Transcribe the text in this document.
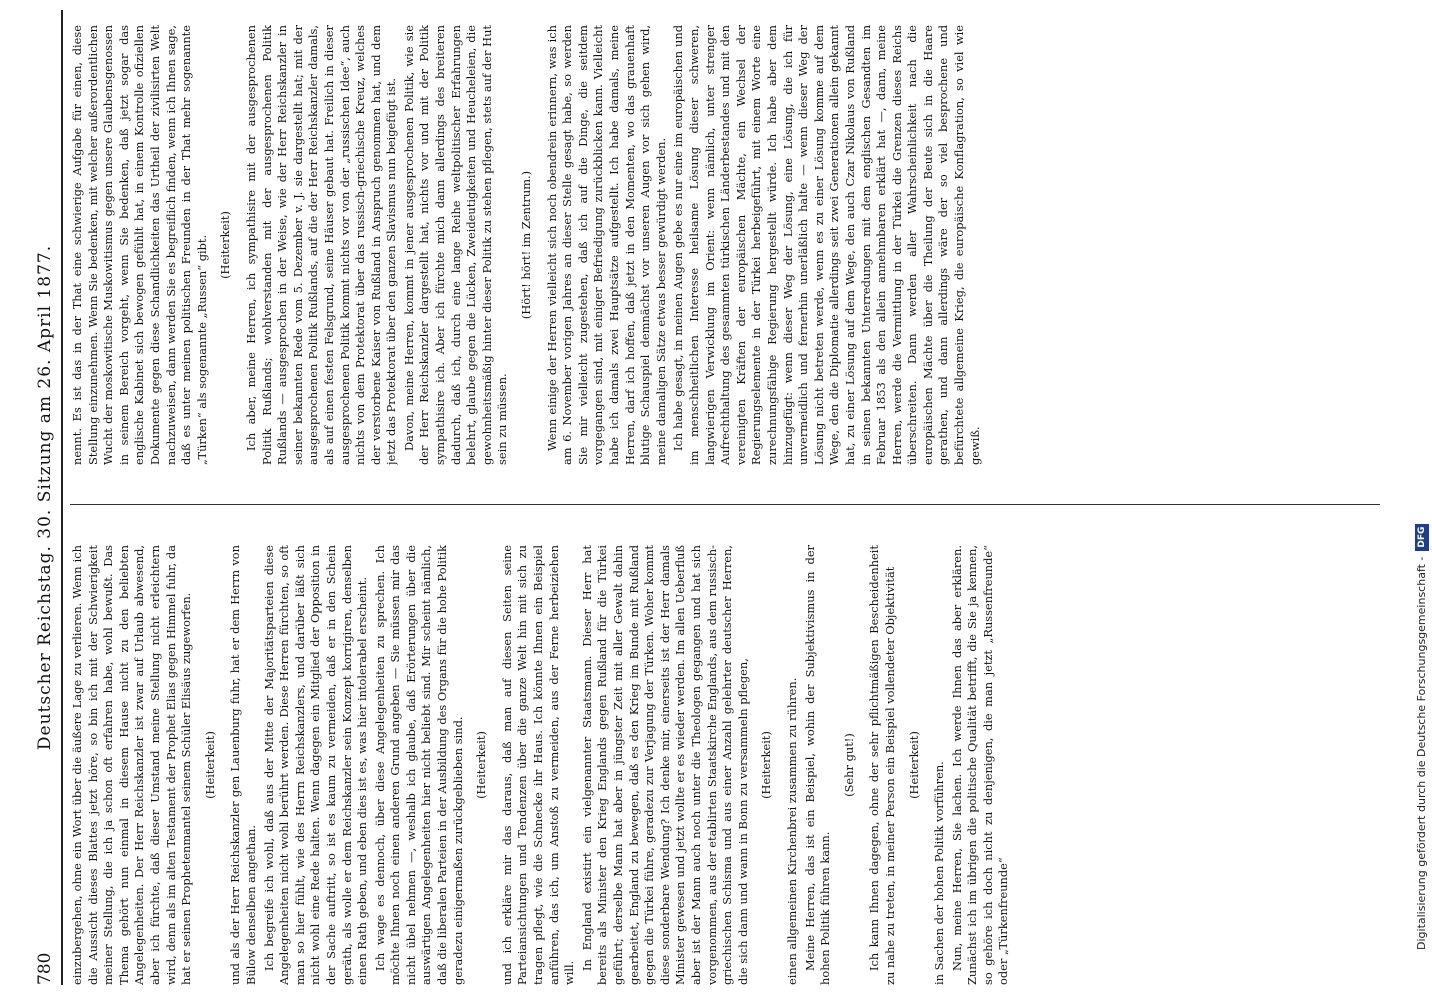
780
Deutscher Reichstag. 30. Sitzung am 26. April 1877.

einzubergehen, ohne ein Wort über die äußere Lage zu verlieren. Wenn ich die Aussicht dieses Blattes jetzt höre, so bin ich mit der Schwierigkeit meiner Stellung, die ich ja schon oft erfahren habe, wohl bewußt. Das Thema gehört nun einmal in diesem Hause nicht zu den beliebten Angelegenheiten. Der Herr Reichskanzler ist zwar auf Urlaub abwesend, aber ich fürchte, daß dieser Umstand meine Stellung nicht erleichtern wird, denn als im alten Testament der Prophet Elias gegen Himmel fuhr, da hat er seinen Prophetenmantel seinem Schüler Elisäus zugeworfen. (Heiterkeit) und als der Herr Reichskanzler gen Lauenburg fuhr, hat er dem Herrn von Bülow denselben angethan. Ich begreife ich wohl, daß aus der Mitte der Majoritätsparteien diese Angelegenheiten nicht wohl berührt werden. Diese Herren fürchten, so oft man so hier fühlt, wie des Herrn Reichskanzlers, und darüber läßt sich nicht wohl eine Rede halten. Wenn dagegen ein Mitglied der Opposition in der Sache auftritt, so ist es kaum zu vermeiden, daß er in den Schein geräth, als wolle er dem Reichskanzler sein Konzept korrigiren, denselben einen Rath geben, und eben dies ist es, was hier intolerabel erscheint. Ich wage es dennoch, über diese Angelegenheiten zu sprechen. Ich möchte Ihnen noch einen anderen Grund angeben — Sie müssen mir das nicht übel nehmen —, weshalb ich glaube, daß Erörterungen über die auswärtigen Angelegenheiten hier nicht beliebt sind. Mir scheint nämlich, daß die liberalen Parteien in der Ausbildung des Organs für die hohe Politik geradezu einigermaßen zurückgeblieben sind. (Heiterkeit) und ich erkläre mir das daraus, daß man auf diesen Seiten seine Parteiansichtungen und Tendenzen über die ganze Welt hin mit sich zu tragen pflegt, wie die Schnecke ihr Haus. Ich könnte Ihnen ein Beispiel anführen, das ich, um Anstoß zu vermeiden, aus der Ferne herbeiziehen will.

In England existirt ein vielgenannter Staatsmann. Dieser Herr hat bereits als Minister den Krieg Englands gegen Rußland für die Türkei geführt; derselbe Mann hat aber in jüngster Zeit mit aller Gewalt dahin gearbeitet, England zu bewegen, daß es den Krieg im Bunde mit Rußland gegen die Türkei führe, geradezu zur Verjagung der Türken. Woher kommt diese sonderbare Wendung? Ich denke mir, einerseits ist der Herr damals Minister gewesen und jetzt wollte er es wieder werden. Im allen Ueberfluß aber ist der Mann auch noch unter die Theologen gegangen und hat sich vorgenommen, aus der etablirten Staatskirche Englands, aus dem russisch-griechischen Schisma und aus einer Anzahl gelehrter deutscher Herren, die sich dann und wann in Bonn zu versammeln pflegen, (Heiterkeit) einen allgemeinen Kirchenbrei zusammen zu rühren. Meine Herren, das ist ein Beispiel, wohin der Subjektivismus in der hohen Politik führen kann.

(Sehr gut!) Ich kann Ihnen dagegen, ohne der sehr pflichtmäßigen Bescheidenheit zu nahe zu treten, in meiner Person ein Beispiel vollendeter Objektivität (Heiterkeit) in Sachen der hohen Politik vorführen. Nun, meine Herren, Sie lachen. Ich werde Ihnen das aber erklären. Zunächst ich im übrigen die politische Qualität betrifft, die Sie ja kennen, so gehöre ich doch nicht zu denjenigen, die man jetzt „Russenfreunde“ oder „Türkenfreunde“

nennt. Es ist das in der That eine schwierige Aufgabe für einen, diese Stellung einzunehmen. Wenn Sie bedenken, mit welcher außerordentlichen Wucht der moskowitische Muskowitismus gegen unsere Glaubensgenossen in seinem Bereich vorgeht, wenn Sie bedenken, daß jetzt sogar das englische Kabinet sich bewogen gefühlt hat, in einem Kontrolle ofiziellen Dokumente gegen diese Schandlichkeiten das Urtheil der zivilisirten Welt nachzuweisen, dann werden Sie es begreiflich finden, wenn ich Ihnen sage, daß es unter meinen politischen Freunden in der That mehr sogenannte „Türken“ als sogenannte „Russen“ gibt. (Heiterkeit) Ich aber, meine Herren, ich sympathisire mit der ausgesprochenen Politik Rußlands; wohlverstanden mit der ausgesprochenen Politik Rußlands — ausgesprochen in der Weise, wie der Herr Reichskanzler in seiner bekannten Rede vom 5. Dezember v. J. sie dargestellt hat; mit der ausgesprochenen Politik Rußlands, auf die der Herr Reichskanzler damals, als auf einen festen Felsgrund, seine Häuser gebaut hat. Freilich in dieser ausgesprochenen Politik kommt nichts vor von der „russischen Idee“, auch nichts von dem Protektorat über das russisch-griechische Kreuz, welches der verstorbene Kaiser von Rußland in Anspruch genommen hat, und dem jetzt das Protektorat über den ganzen Slavismus nun beigefügt ist. Davon, meine Herren, kommt in jener ausgesprochenen Politik, wie sie der Herr Reichskanzler dargestellt hat, nichts vor und mit der Politik sympathisire ich. Aber ich fürchte mich dann allerdings des breiteren dadurch, daß ich, durch eine lange Reihe weltpolitischer Erfahrungen belehrt, glaube gegen die Lücken, Zweideutigkeiten und Heucheleien, die gewohnheitsmäßig hinter dieser Politik zu stehen pflegen, stets auf der Hut sein zu müssen.

(Hört! hört! im Zentrum.) Wenn einige der Herren vielleicht sich noch obendrein erinnern, was ich am 6. November vorigen Jahres an dieser Stelle gesagt habe, so werden Sie mir vielleicht zugestehen, daß ich auf die Dinge, die seitdem vorgegangen sind, mit einiger Befriedigung zurückblicken kann. Vielleicht habe ich damals zwei Hauptsätze aufgestellt. Ich habe damals, meine Herren, darf ich hoffen, daß jetzt in den Momenten, wo das grauenhaft blutige Schauspiel demnächst vor unseren Augen vor sich gehen wird, meine damaligen Sätze etwas besser gewürdigt werden. Ich habe gesagt, in meinen Augen gebe es nur eine im europäischen und im menschheitlichen Interesse heilsame Lösung dieser schweren, langwierigen Verwicklung im Orient: wenn nämlich, unter strenger Aufrechthaltung des gesammten türkischen Länderbestandes und mit den vereinigten Kräften der europäischen Mächte, ein Wechsel der Regierungselemente in der Türkei herbeigeführt, mit einem Worte eine zurechnungsfähige Regierung hergestellt würde. Ich habe aber dem hinzugefügt: wenn dieser Weg der Lösung, eine Lösung, die ich für unvermeidlich und fernerhin unerläßlich halte — wenn dieser Weg der Lösung nicht betreten werde, wenn es zu einer Lösung komme auf dem Wege, den die Diplomatie allerdings seit zwei Generationen allein gekannt hat, zu einer Lösung auf dem Wege, den auch Czar Nikolaus von Rußland in seinen bekannten Unterredungen mit dem englischen Gesandten im Februar 1853 als den allein annehmbaren erklärt hat —, dann, meine Herren, werde die Vermittlung in der Türkei die Grenzen dieses Reichs überschreiten. Dann werden aller Wahrscheinlichkeit nach die europäischen Mächte über die Theilung der Beute sich in die Haare gerathen, und dann allerdings wäre der so viel besprochene und befürchtete allgemeine Krieg, die europäische Konflagration, so viel wie gewiß.

Digitalisierung gefördert durch die Deutsche Forschungsgemeinschaft -DFG
